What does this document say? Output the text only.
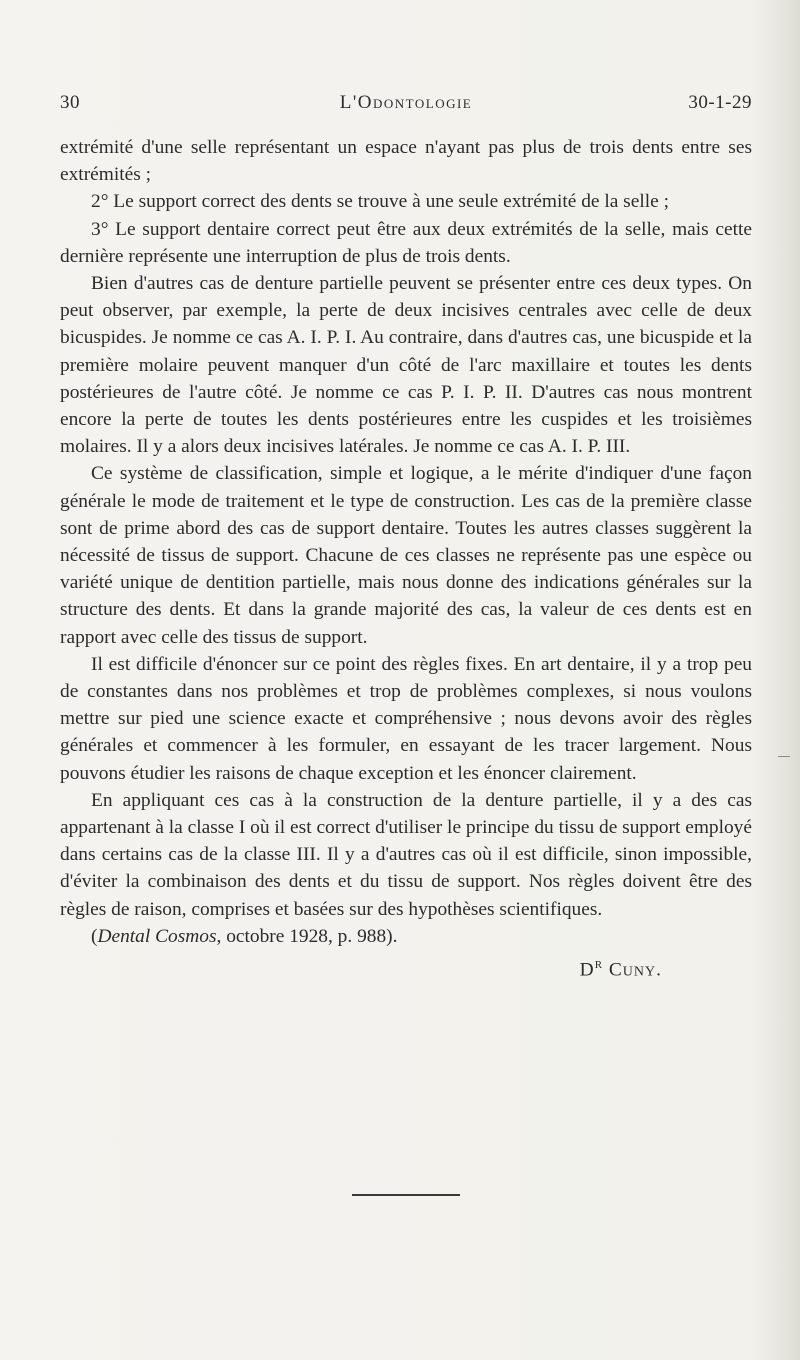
30	L'Odontologie	30-1-29

extrémité d'une selle représentant un espace n'ayant pas plus de trois dents entre ses extrémités ;

2° Le support correct des dents se trouve à une seule extrémité de la selle ;

3° Le support dentaire correct peut être aux deux extrémités de la selle, mais cette dernière représente une interruption de plus de trois dents.

Bien d'autres cas de denture partielle peuvent se présenter entre ces deux types. On peut observer, par exemple, la perte de deux incisives centrales avec celle de deux bicuspides. Je nomme ce cas A. I. P. I. Au contraire, dans d'autres cas, une bicuspide et la première molaire peuvent manquer d'un côté de l'arc maxillaire et toutes les dents postérieures de l'autre côté. Je nomme ce cas P. I. P. II. D'autres cas nous montrent encore la perte de toutes les dents postérieures entre les cuspides et les troisièmes molaires. Il y a alors deux incisives latérales. Je nomme ce cas A. I. P. III.

Ce système de classification, simple et logique, a le mérite d'indiquer d'une façon générale le mode de traitement et le type de construction. Les cas de la première classe sont de prime abord des cas de support dentaire. Toutes les autres classes suggèrent la nécessité de tissus de support. Chacune de ces classes ne représente pas une espèce ou variété unique de dentition partielle, mais nous donne des indications générales sur la structure des dents. Et dans la grande majorité des cas, la valeur de ces dents est en rapport avec celle des tissus de support.

Il est difficile d'énoncer sur ce point des règles fixes. En art dentaire, il y a trop peu de constantes dans nos problèmes et trop de problèmes complexes, si nous voulons mettre sur pied une science exacte et compréhensive ; nous devons avoir des règles générales et commencer à les formuler, en essayant de les tracer largement. Nous pouvons étudier les raisons de chaque exception et les énoncer clairement.

En appliquant ces cas à la construction de la denture partielle, il y a des cas appartenant à la classe I où il est correct d'utiliser le principe du tissu de support employé dans certains cas de la classe III. Il y a d'autres cas où il est difficile, sinon impossible, d'éviter la combinaison des dents et du tissu de support. Nos règles doivent être des règles de raison, comprises et basées sur des hypothèses scientifiques.

(Dental Cosmos, octobre 1928, p. 988).

$D^r$ Cuny.
